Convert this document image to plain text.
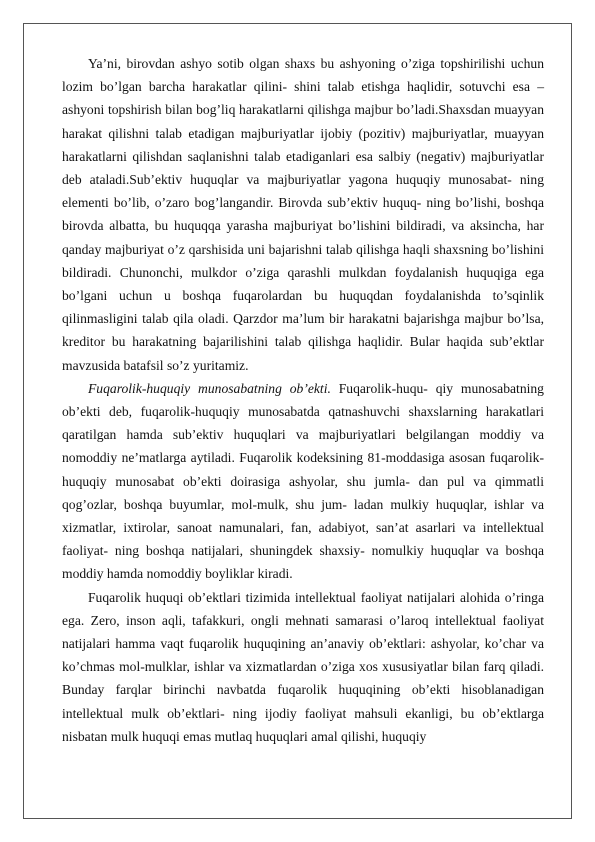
Ya’ni, birovdan ashyo sotib olgan shaxs bu ashyoning o’ziga topshirilishi uchun lozim bo’lgan barcha harakatlar qilini- shini talab etishga haqlidir, sotuvchi esa – ashyoni topshirish bilan bog’liq harakatlarni qilishga majbur bo’ladi.Shaxsdan muayyan harakat qilishni talab etadigan majburiyatlar ijobiy (pozitiv) majburiyatlar, muayyan harakatlarni qilishdan saqlanishni talab etadiganlari esa salbiy (negativ) majburiyatlar deb ataladi.Sub’ektiv huquqlar va majburiyatlar yagona huquqiy munosabat- ning elementi bo’lib, o’zaro bog’langandir. Birovda sub’ektiv huquq- ning bo’lishi, boshqa birovda albatta, bu huquqqa yarasha majburiyat bo’lishini bildiradi, va aksincha, har qanday majburiyat o’z qarshisida uni bajarishni talab qilishga haqli shaxsning bo’lishini bildiradi. Chunonchi, mulkdor o’ziga qarashli mulkdan foydalanish huquqiga ega bo’lgani uchun u boshqa fuqarolardan bu huquqdan foydalanishda to’sqinlik qilinmasligini talab qila oladi. Qarzdor ma’lum bir harakatni bajarishga majbur bo’lsa, kreditor bu harakatning bajarilishini talab qilishga haqlidir. Bular haqida sub’ektlar mavzusida batafsil so’z yuritamiz.

Fuqarolik-huquqiy munosabatning ob’ekti. Fuqarolik-huqu- qiy munosabatning ob’ekti deb, fuqarolik-huquqiy munosabatda qatnashuvchi shaxslarning harakatlari qaratilgan hamda sub’ektiv huquqlari va majburiyatlari belgilangan moddiy va nomoddiy ne’matlarga aytiladi. Fuqarolik kodeksining 81-moddasiga asosan fuqarolik-huquqiy munosabat ob’ekti doirasiga ashyolar, shu jumla- dan pul va qimmatli qog’ozlar, boshqa buyumlar, mol-mulk, shu jum- ladan mulkiy huquqlar, ishlar va xizmatlar, ixtirolar, sanoat namunalari, fan, adabiyot, san’at asarlari va intellektual faoliyat- ning boshqa natijalari, shuningdek shaxsiy- nomulkiy huquqlar va boshqa moddiy hamda nomoddiy boyliklar kiradi.

Fuqarolik huquqi ob’ektlari tizimida intellektual faoliyat natijalari alohida o’ringa ega. Zero, inson aqli, tafakkuri, ongli mehnati samarasi o’laroq intellektual faoliyat natijalari hamma vaqt fuqarolik huquqining an’anaviy ob’ektlari: ashyolar, ko’char va ko’chmas mol-mulklar, ishlar va xizmatlardan o’ziga xos xususiyatlar bilan farq qiladi. Bunday farqlar birinchi navbatda fuqarolik huquqining ob’ekti hisoblanadigan intellektual mulk ob’ektlari- ning ijodiy faoliyat mahsuli ekanligi, bu ob’ektlarga nisbatan mulk huquqi emas mutlaq huquqlari amal qilishi, huquqiy
